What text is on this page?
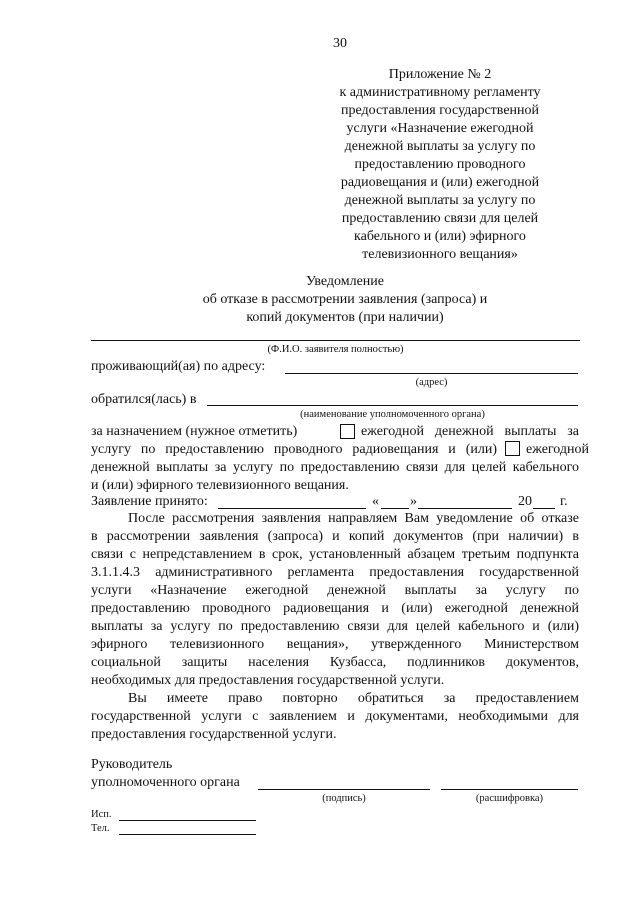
30
Приложение № 2
к административному регламенту
предоставления государственной
услуги «Назначение ежегодной
денежной выплаты за услугу по
предоставлению проводного
радиовещания и (или) ежегодной
денежной выплаты за услугу по
предоставлению связи для целей
кабельного и (или) эфирного
телевизионного вещания»
Уведомление
об отказе в рассмотрении заявления (запроса) и
копий документов (при наличии)
(Ф.И.О. заявителя полностью)
проживающий(ая) по адресу:
(адрес)
обратился(лась) в
(наименование уполномоченного органа)
за назначением (нужное отметить)	ежегодной денежной выплаты за
услугу по предоставлению проводного радиовещания и (или) ежегодной
денежной выплаты за услугу по предоставлению связи для целей кабельного
и (или) эфирного телевизионного вещания.
Заявление принято:	« »	20 г.
После рассмотрения заявления направляем Вам уведомление об отказе
в рассмотрении заявления (запроса) и копий документов (при наличии) в
связи с непредставлением в срок, установленный абзацем третьим подпункта
3.1.1.4.3 административного регламента предоставления государственной
услуги «Назначение ежегодной денежной выплаты за услугу по
предоставлению проводного радиовещания и (или) ежегодной денежной
выплаты за услугу по предоставлению связи для целей кабельного и (или)
эфирного телевизионного вещания», утвержденного Министерством
социальной защиты населения Кузбасса, подлинников документов,
необходимых для предоставления государственной услуги.
Вы имеете право повторно обратиться за предоставлением
государственной услуги с заявлением и документами, необходимыми для
предоставления государственной услуги.
Руководитель
уполномоченного органа
(подпись)	(расшифровка)
Исп.
Тел.
